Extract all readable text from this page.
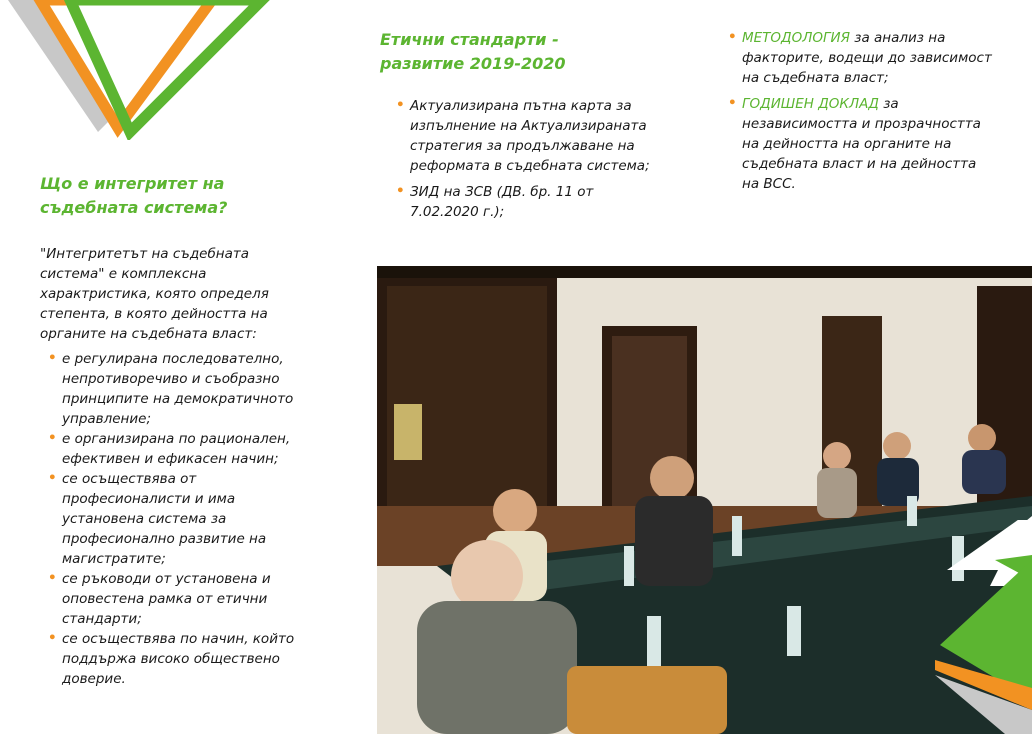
Що е интегритет на съдебната система?
"Интегритетът на съдебната система" е комплексна характристика, която определя степента, в която дейността на органите на съдебната власт:
• е регулирана последователно, непротиворечиво и съобразно принципите на демократичното управление;
• е организирана по рационален, ефективен и ефикасен начин;
• се осъществява от професионалисти и има установена система за професионално развитие на магистратите;
• се ръководи от установена и оповестена рамка от етични стандарти;
• се осъществява по начин, който поддържа високо обществено доверие.
Етични стандарти - развитие 2019-2020
• Актуализирана пътна карта за изпълнение на Актуализираната стратегия за продължаване на реформата в съдебната система;
• ЗИД на ЗСВ (ДВ. бр. 11 от 7.02.2020 г.);
• МЕТОДОЛОГИЯ за анализ на факторите, водещи до зависимост на съдебната власт;
• ГОДИШЕН ДОКЛАД за независимостта и прозрачността на дейността на органите на съдебната власт и на дейността на ВСС.
